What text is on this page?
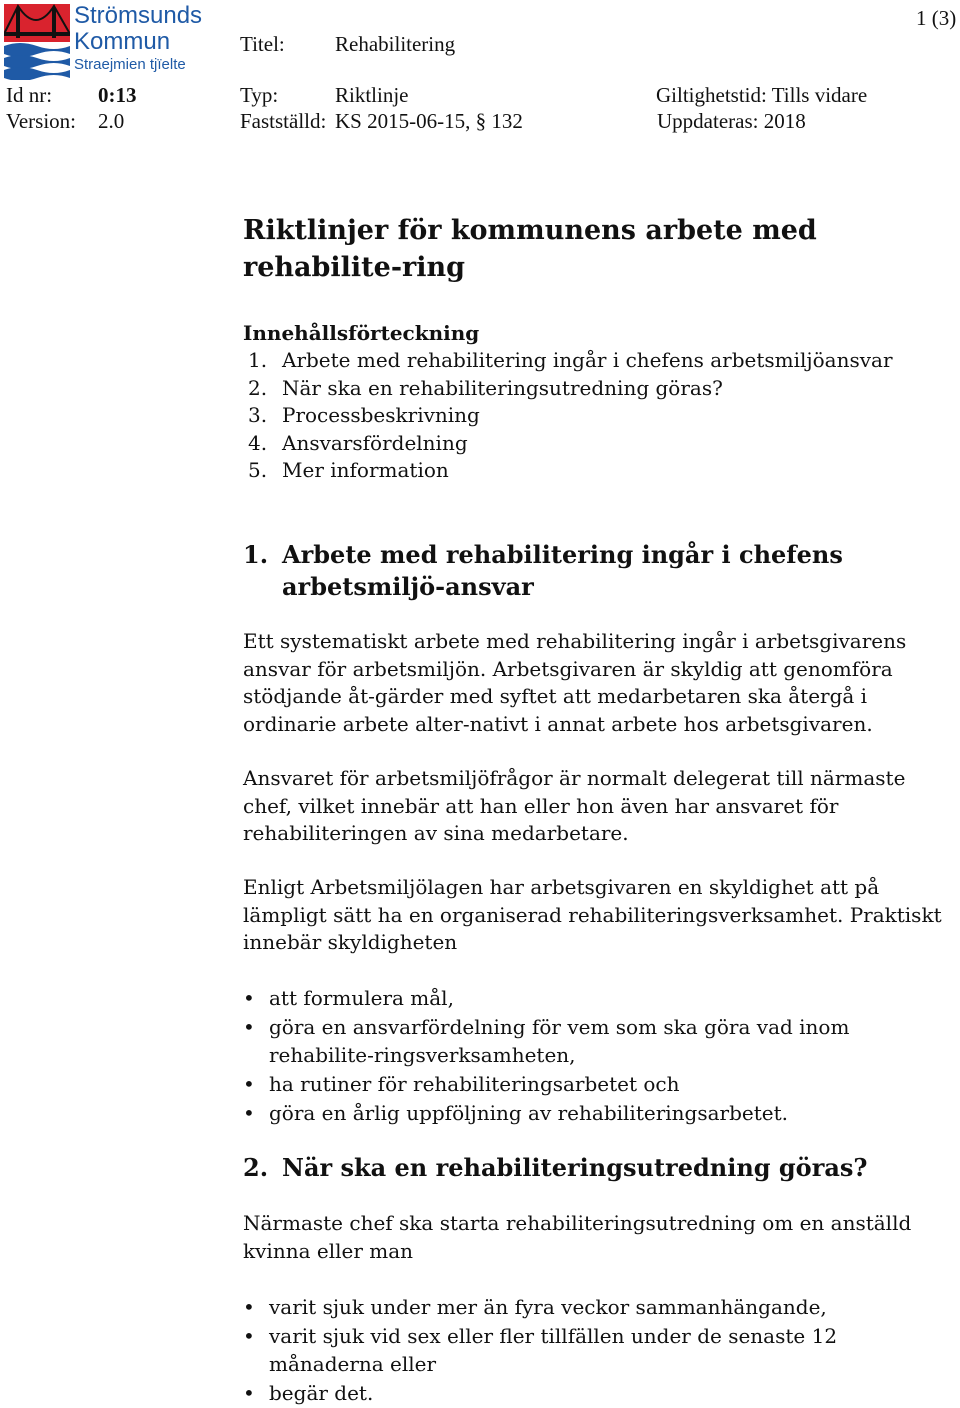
Strömsunds
Kommun
Straejmien tjïelte
1 (3)
Titel: Rehabilitering
Id nr: 0:13	Typ:	Riktlinje	Giltighetstid: Tills vidare
Version: 2.0	Fastställd: KS 2015-06-15, § 132	Uppdateras: 2018
Riktlinjer för kommunens arbete med rehabilite-ring
Innehållsförteckning
1. Arbete med rehabilitering ingår i chefens arbetsmiljöansvar
2. När ska en rehabiliteringsutredning göras?
3. Processbeskrivning
4. Ansvarsfördelning
5. Mer information
1. Arbete med rehabilitering ingår i chefens arbetsmiljö-ansvar

Ett systematiskt arbete med rehabilitering ingår i arbetsgivarens ansvar för arbetsmiljön. Arbetsgivaren är skyldig att genomföra stödjande åt-gärder med syftet att medarbetaren ska återgå i ordinarie arbete alter-nativt i annat arbete hos arbetsgivaren.

Ansvaret för arbetsmiljöfrågor är normalt delegerat till närmaste chef, vilket innebär att han eller hon även har ansvaret för rehabiliteringen av sina medarbetare.

Enligt Arbetsmiljölagen har arbetsgivaren en skyldighet att på lämpligt sätt ha en organiserad rehabiliteringsverksamhet. Praktiskt innebär skyldigheten

• att formulera mål,
• göra en ansvarfördelning för vem som ska göra vad inom rehabilite-ringsverksamheten,
• ha rutiner för rehabiliteringsarbetet och
• göra en årlig uppföljning av rehabiliteringsarbetet.
2. När ska en rehabiliteringsutredning göras?

Närmaste chef ska starta rehabiliteringsutredning om en anställd kvinna eller man

• varit sjuk under mer än fyra veckor sammanhängande,
• varit sjuk vid sex eller fler tillfällen under de senaste 12 månaderna eller
• begär det.
